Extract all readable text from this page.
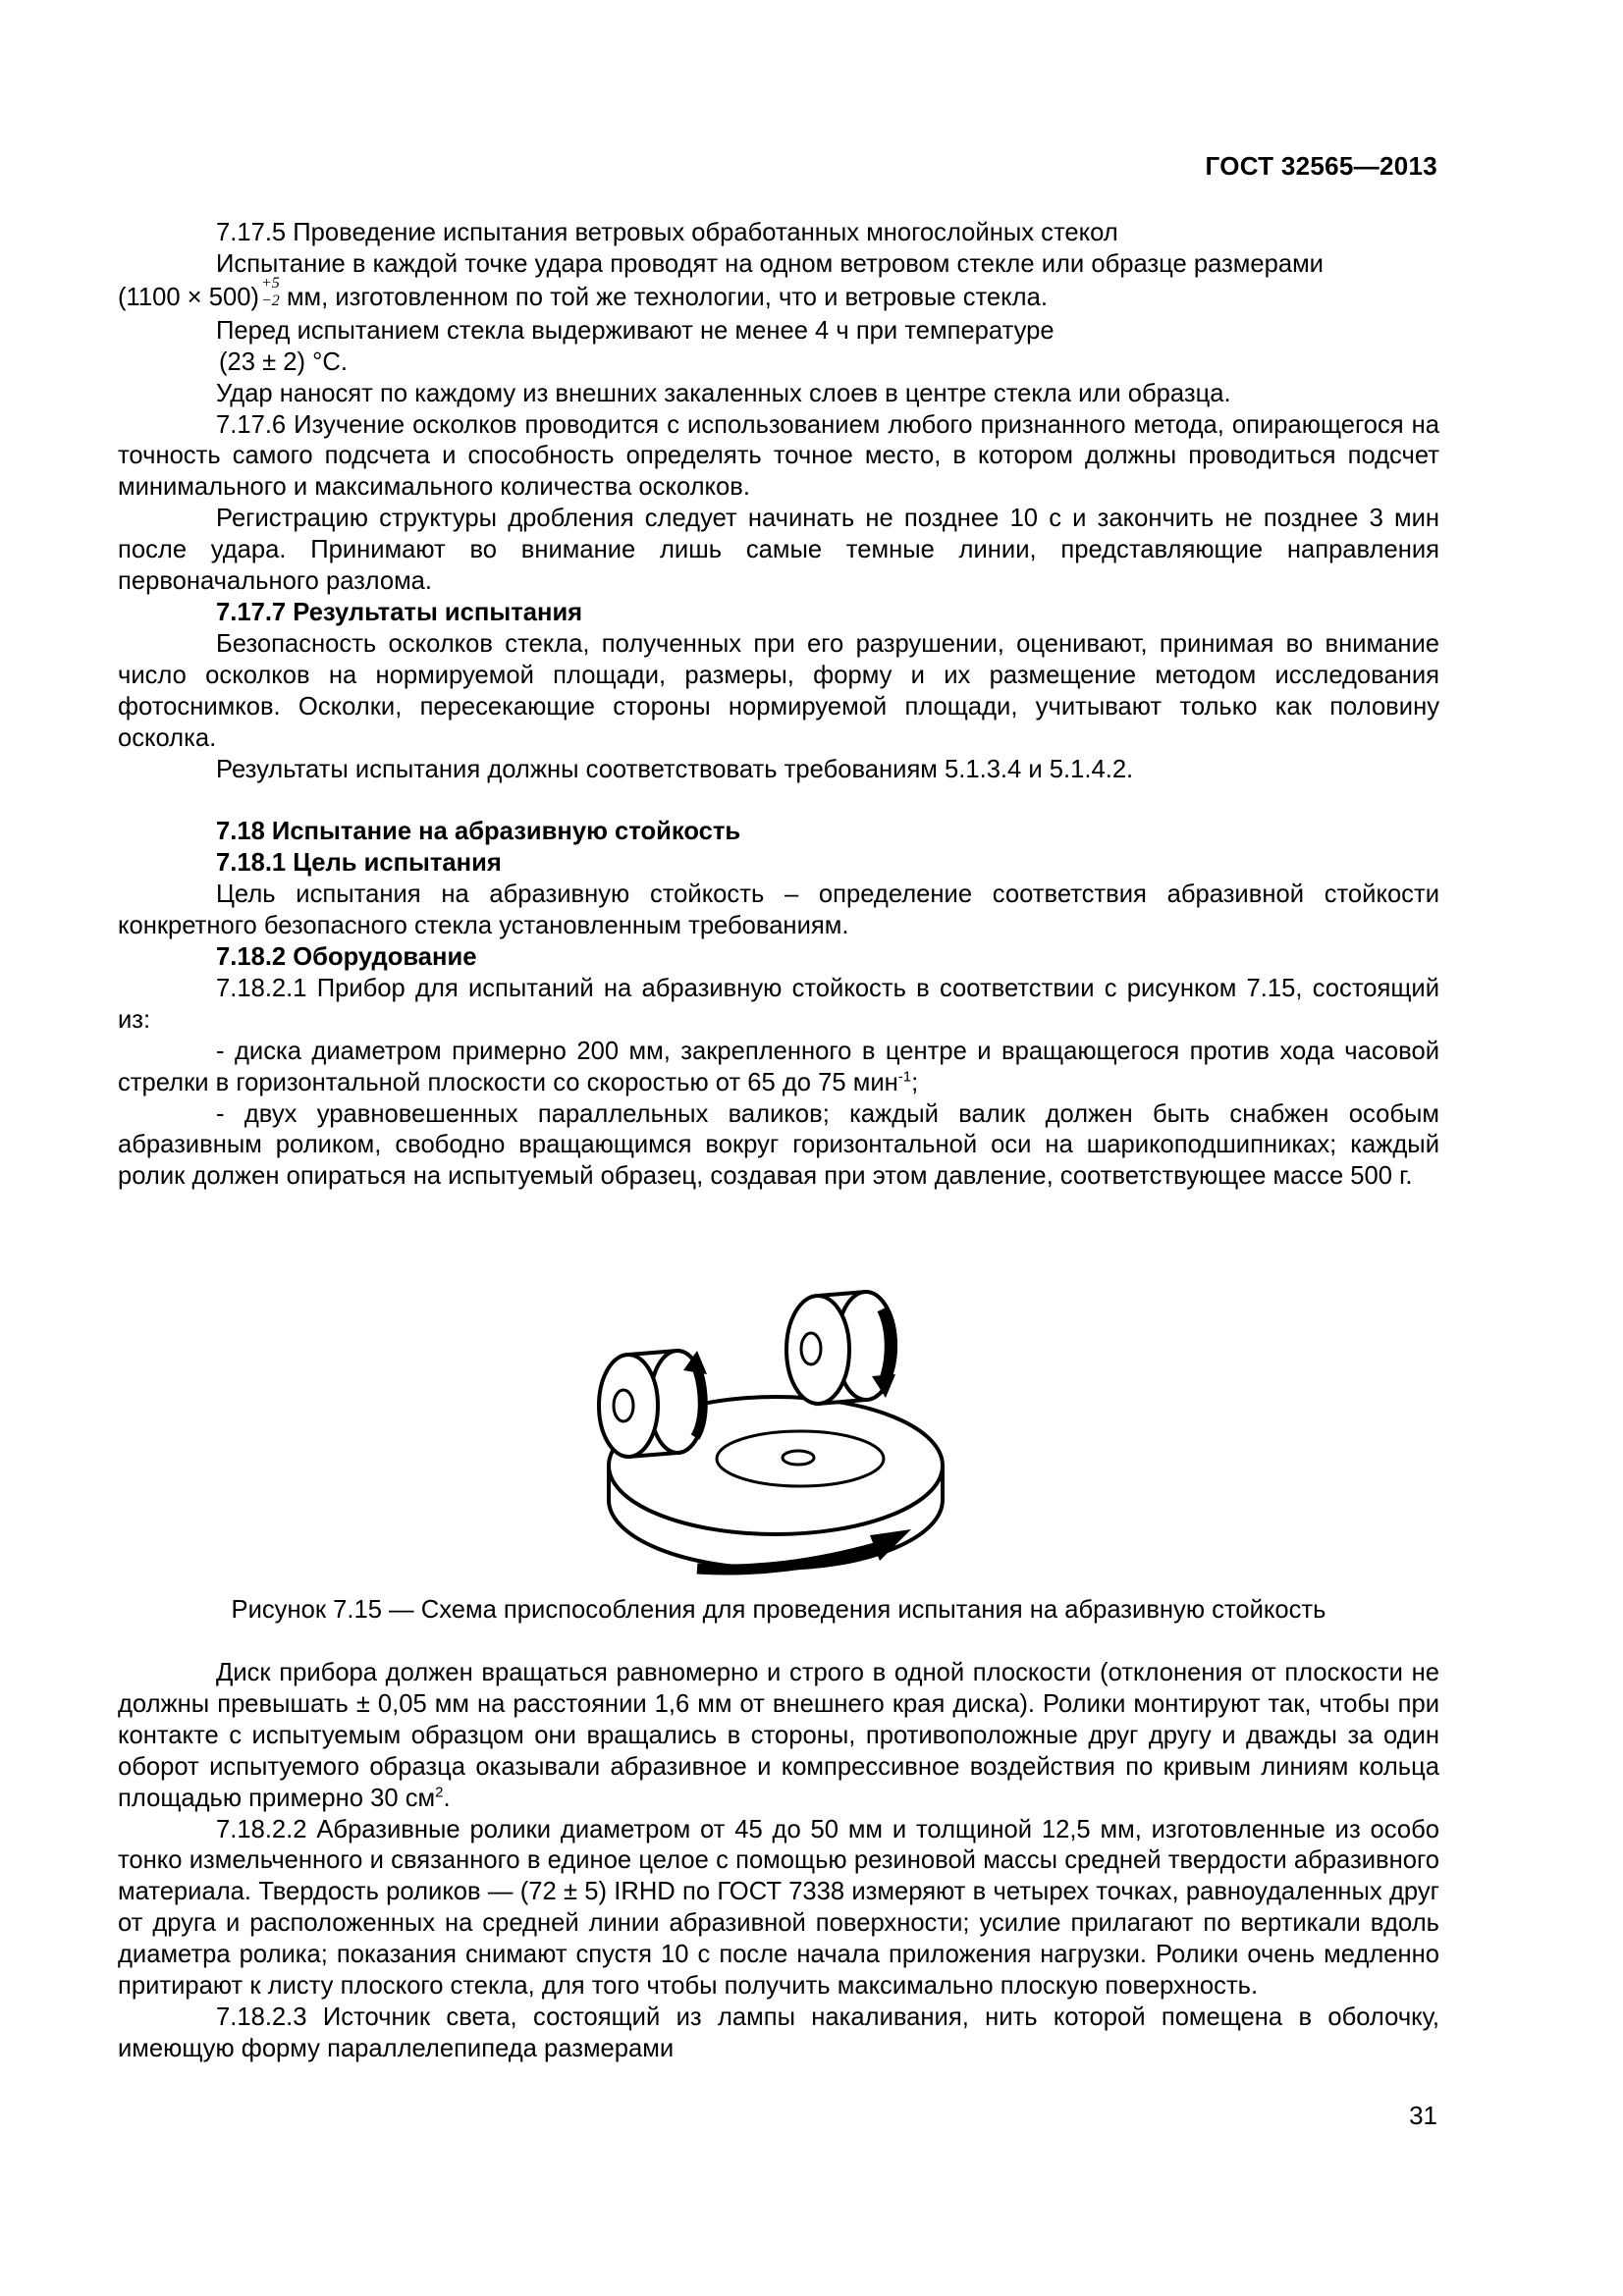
ГОСТ 32565—2013

7.17.5 Проведение испытания ветровых обработанных многослойных стекол

Испытание в каждой точке удара проводят на одном ветровом стекле или образце размерами

(1100 × 500)
+5
−2 мм, изготовленном по той же технологии, что и ветровые стекла.

Перед испытанием стекла выдерживают не менее 4 ч при температуре

(23 ± 2) °С.

Удар наносят по каждому из внешних закаленных слоев в центре стекла или образца.

7.17.6 Изучение осколков проводится с использованием любого признанного метода, опирающегося на точность самого подсчета и способность определять точное место, в котором должны проводиться подсчет минимального и максимального количества осколков.

Регистрацию структуры дробления следует начинать не позднее 10 с и закончить не позднее 3 мин после удара. Принимают во внимание лишь самые темные линии, представляющие направления первоначального разлома.

7.17.7 Результаты испытания

Безопасность осколков стекла, полученных при его разрушении, оценивают, принимая во внимание число осколков на нормируемой площади, размеры, форму и их размещение методом исследования фотоснимков. Осколки, пересекающие стороны нормируемой площади, учитывают только как половину осколка.

Результаты испытания должны соответствовать требованиям 5.1.3.4 и 5.1.4.2.

7.18 Испытание на абразивную стойкость

7.18.1 Цель испытания

Цель испытания на абразивную стойкость – определение соответствия абразивной стойкости конкретного безопасного стекла установленным требованиям.

7.18.2 Оборудование

7.18.2.1 Прибор для испытаний на абразивную стойкость в соответствии с рисунком 7.15, состоящий из:

- диска диаметром примерно 200 мм, закрепленного в центре и вращающегося против хода часовой стрелки в горизонтальной плоскости со скоростью от 65 до 75 мин$^{-1}$;

- двух уравновешенных параллельных валиков; каждый валик должен быть снабжен особым абразивным роликом, свободно вращающимся вокруг горизонтальной оси на шарикоподшипниках; каждый ролик должен опираться на испытуемый образец, создавая при этом давление, соответствующее массе 500 г.

Рисунок 7.15 — Схема приспособления для проведения испытания на абразивную стойкость

Диск прибора должен вращаться равномерно и строго в одной плоскости (отклонения от плоскости не должны превышать ± 0,05 мм на расстоянии 1,6 мм от внешнего края диска). Ролики монтируют так, чтобы при контакте с испытуемым образцом они вращались в стороны, противоположные друг другу и дважды за один оборот испытуемого образца оказывали абразивное и компрессивное воздействия по кривым линиям кольца площадью примерно 30 $см^2$.

7.18.2.2 Абразивные ролики диаметром от 45 до 50 мм и толщиной 12,5 мм, изготовленные из особо тонко измельченного и связанного в единое целое с помощью резиновой массы средней твердости абразивного материала. Твердость роликов — (72 ± 5) IRHD по ГОСТ 7338 измеряют в четырех точках, равноудаленных друг от друга и расположенных на средней линии абразивной поверхности; усилие прилагают по вертикали вдоль диаметра ролика; показания снимают спустя 10 с после начала приложения нагрузки. Ролики очень медленно притирают к листу плоского стекла, для того чтобы получить максимально плоскую поверхность.

7.18.2.3 Источник света, состоящий из лампы накаливания, нить которой помещена в оболочку, имеющую форму параллелепипеда размерами

31
